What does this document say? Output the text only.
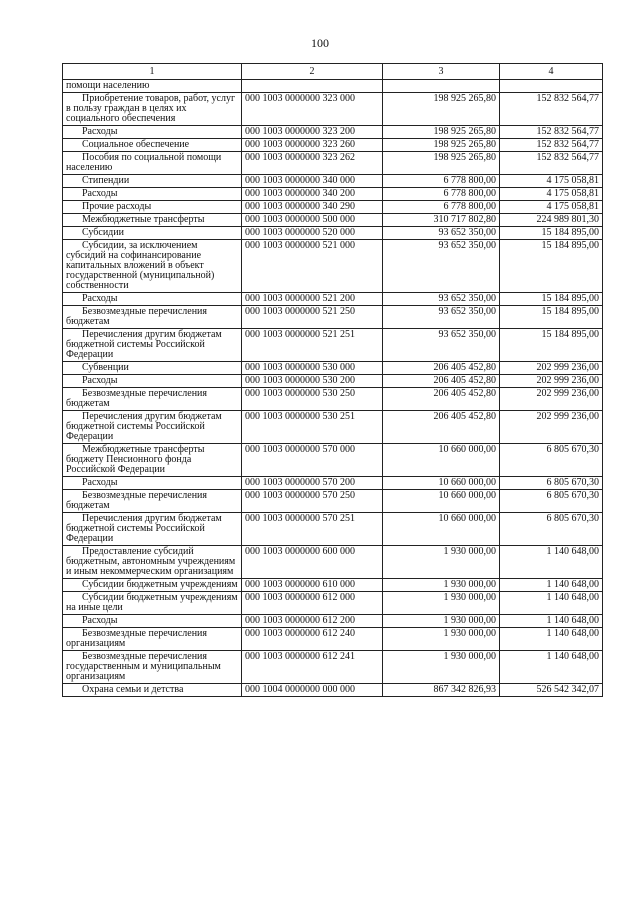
100
1	2	3	4
помощи населению			

Приобретение товаров, работ, услуг в пользу граждан в целях их социального обеспечения	000 1003 0000000 323 000	198 925 265,80	152 832 564,77

Расходы	000 1003 0000000 323 200	198 925 265,80	152 832 564,77

Социальное обеспечение	000 1003 0000000 323 260	198 925 265,80	152 832 564,77

Пособия по социальной помощи населению	000 1003 0000000 323 262	198 925 265,80	152 832 564,77

Стипендии	000 1003 0000000 340 000	6 778 800,00	4 175 058,81

Расходы	000 1003 0000000 340 200	6 778 800,00	4 175 058,81

Прочие расходы	000 1003 0000000 340 290	6 778 800,00	4 175 058,81

Межбюджетные трансферты	000 1003 0000000 500 000	310 717 802,80	224 989 801,30

Субсидии	000 1003 0000000 520 000	93 652 350,00	15 184 895,00

Субсидии, за исключением субсидий на софинансирование капитальных вложений в объект государственной (муниципальной) собственности	000 1003 0000000 521 000	93 652 350,00	15 184 895,00

Расходы	000 1003 0000000 521 200	93 652 350,00	15 184 895,00

Безвозмездные перечисления бюджетам	000 1003 0000000 521 250	93 652 350,00	15 184 895,00

Перечисления другим бюджетам бюджетной системы Российской Федерации	000 1003 0000000 521 251	93 652 350,00	15 184 895,00

Субвенции	000 1003 0000000 530 000	206 405 452,80	202 999 236,00

Расходы	000 1003 0000000 530 200	206 405 452,80	202 999 236,00

Безвозмездные перечисления бюджетам	000 1003 0000000 530 250	206 405 452,80	202 999 236,00

Перечисления другим бюджетам бюджетной системы Российской Федерации	000 1003 0000000 530 251	206 405 452,80	202 999 236,00

Межбюджетные трансферты бюджету Пенсионного фонда Российской Федерации	000 1003 0000000 570 000	10 660 000,00	6 805 670,30

Расходы	000 1003 0000000 570 200	10 660 000,00	6 805 670,30

Безвозмездные перечисления бюджетам	000 1003 0000000 570 250	10 660 000,00	6 805 670,30

Перечисления другим бюджетам бюджетной системы Российской Федерации	000 1003 0000000 570 251	10 660 000,00	6 805 670,30

Предоставление субсидий бюджетным, автономным учреждениям и иным некоммерческим организациям	000 1003 0000000 600 000	1 930 000,00	1 140 648,00

Субсидии бюджетным учреждениям	000 1003 0000000 610 000	1 930 000,00	1 140 648,00

Субсидии бюджетным учреждениям на иные цели	000 1003 0000000 612 000	1 930 000,00	1 140 648,00

Расходы	000 1003 0000000 612 200	1 930 000,00	1 140 648,00

Безвозмездные перечисления организациям	000 1003 0000000 612 240	1 930 000,00	1 140 648,00

Безвозмездные перечисления государственным и муниципальным организациям	000 1003 0000000 612 241	1 930 000,00	1 140 648,00

Охрана семьи и детства	000 1004 0000000 000 000	867 342 826,93	526 542 342,07
